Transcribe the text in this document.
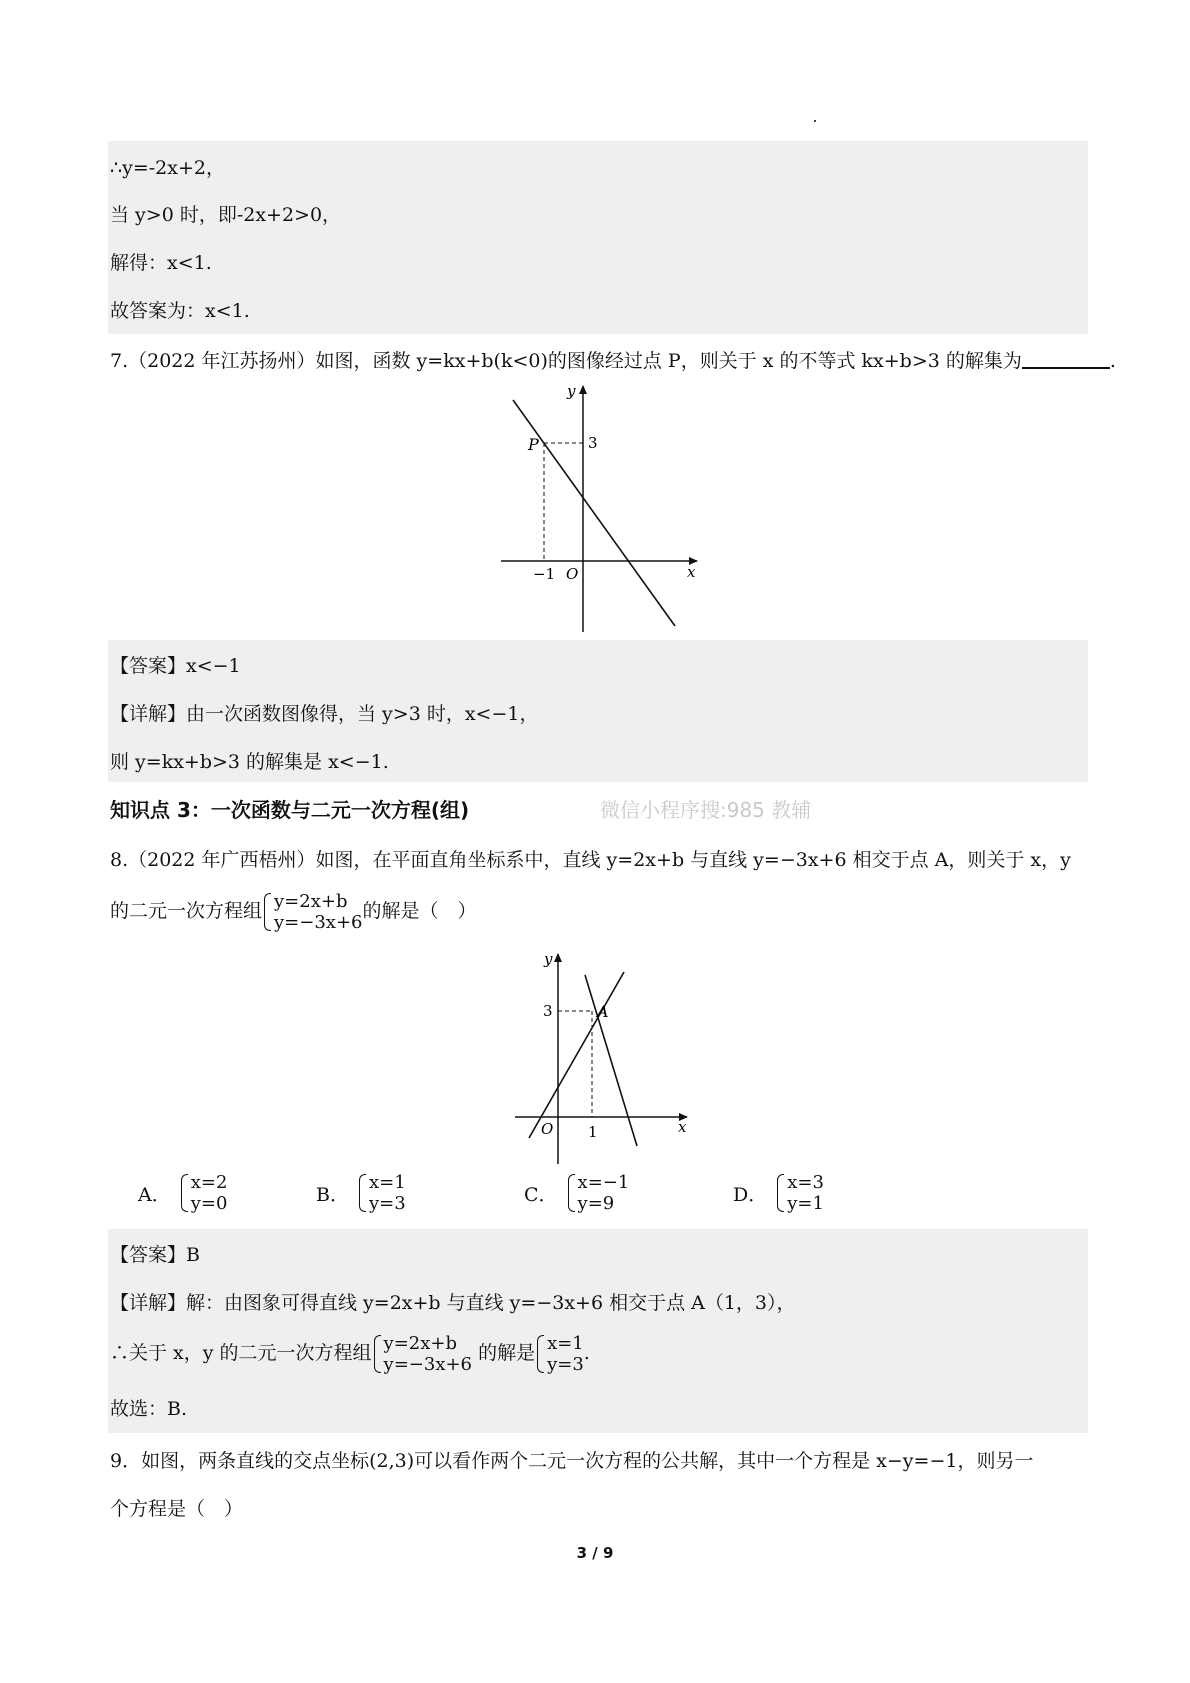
∴y=-2x+2，
当 y>0 时，即-2x+2>0，
解得：x<1.
故答案为：x<1.
7.（2022 年江苏扬州）如图，函数 y=kx+b(k<0)的图像经过点 P，则关于 x 的不等式 kx+b>3 的解集为	.
y
x
3
P
−1 O
【答案】x<−1
【详解】由一次函数图像得，当 y>3 时，x<−1，
则 y=kx+b>3 的解集是 x<−1.
知识点 3：一次函数与二元一次方程(组)	微信小程序搜:985 教辅
8.（2022 年广西梧州）如图，在平面直角坐标系中，直线 y=2x+b 与直线 y=−3x+6 相交于点 A，则关于 x，y
的二元一次方程组 y=2x+b
y=−3x+6
的解是（　）
y
x
3	A
O 1
A．
x=2
y=0	B．
x=1
y=3	C．
x=−1
y=9	D．
x=3
y=1
【答案】B
【详解】解：由图象可得直线 y=2x+b 与直线 y=−3x+6 相交于点 A（1，3），
∴关于 x，y 的二元一次方程组 y=2x+b
y=−3x+6
的解是 x=1
y=3
.
故选：B.
9．如图，两条直线的交点坐标(2,3)可以看作两个二元一次方程的公共解，其中一个方程是 x−y=−1，则另一
个方程是（　）
3 / 9
